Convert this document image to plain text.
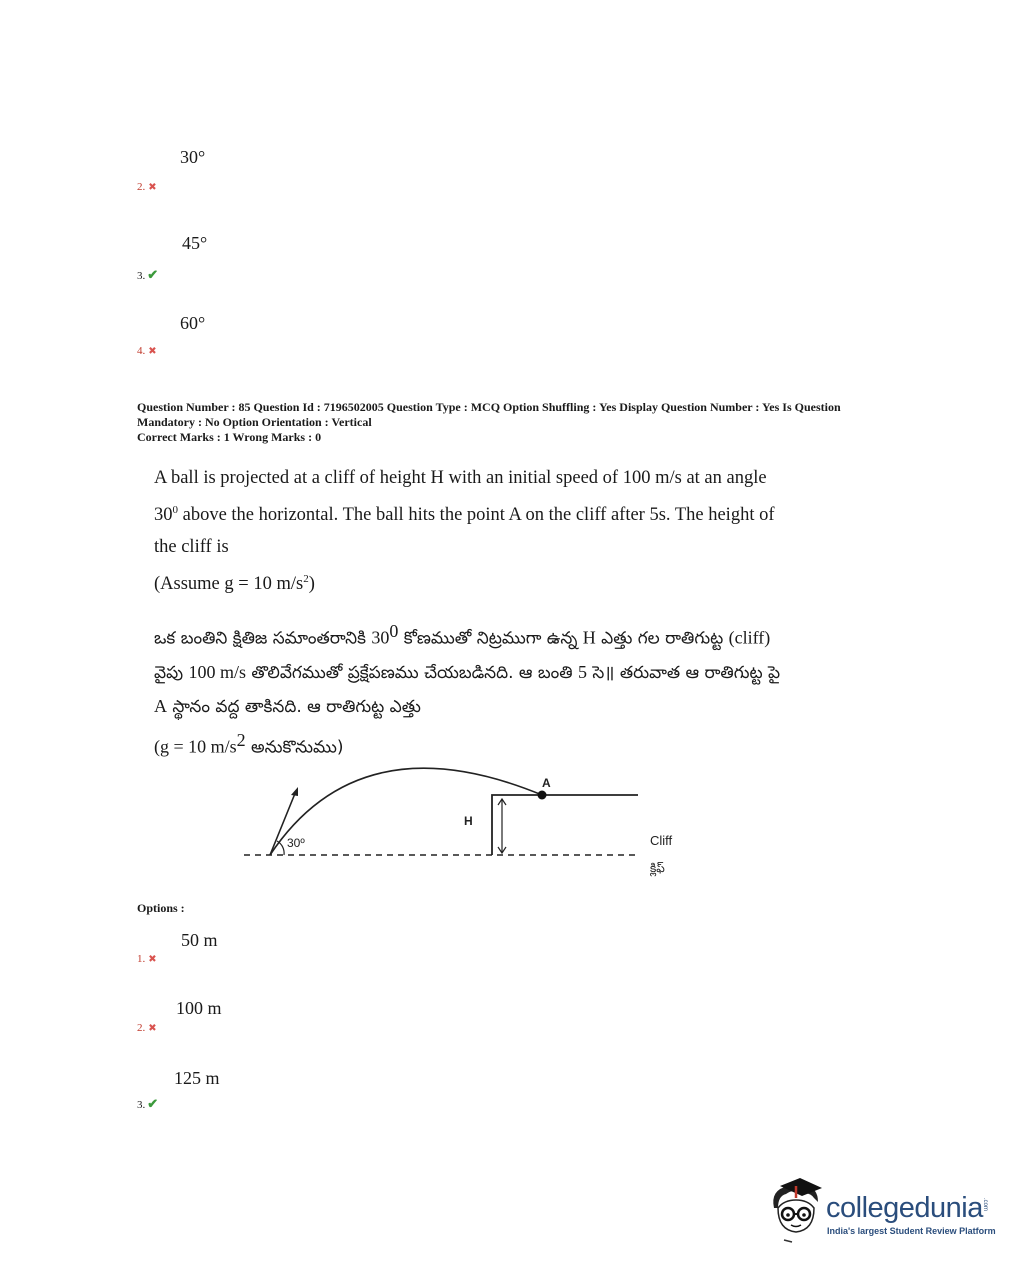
30°
2. ✖
45°
3. ✔
60°
4. ✖
Question Number : 85 Question Id : 7196502005 Question Type : MCQ Option Shuffling : Yes Display Question Number : Yes Is Question
Mandatory : No Option Orientation : Vertical
Correct Marks : 1 Wrong Marks : 0
A ball is projected at a cliff of height H with an initial speed of 100 m/s at an angle
$30^0$ above the horizontal. The ball hits the point A on the cliff after 5s. The height of
the cliff is
(Assume g = 10 $m/s^2$)
ఒక బంతిని క్షితిజ సమాంతరానికి $30^0$ కోణముతో నిట్రముగా ఉన్న H ఎత్తు గల రాతిగుట్ట (cliff)
వైపు 100 m/s తొలివేగముతో ప్రక్షేపణము చేయబడినది. ఆ బంతి 5 సె॥ తరువాత ఆ రాతిగుట్ట పై
A స్థానం వద్ద తాకినది. ఆ రాతిగుట్ట ఎత్తు
(g = 10 $m/s^2$ అనుకొనుము)
A
H
30º	Cliff
క్లిఫ్
Options :
50 m
1. ✖
100 m
2. ✖
125 m
3. ✔
collegedunia .com
India's largest Student Review Platform
